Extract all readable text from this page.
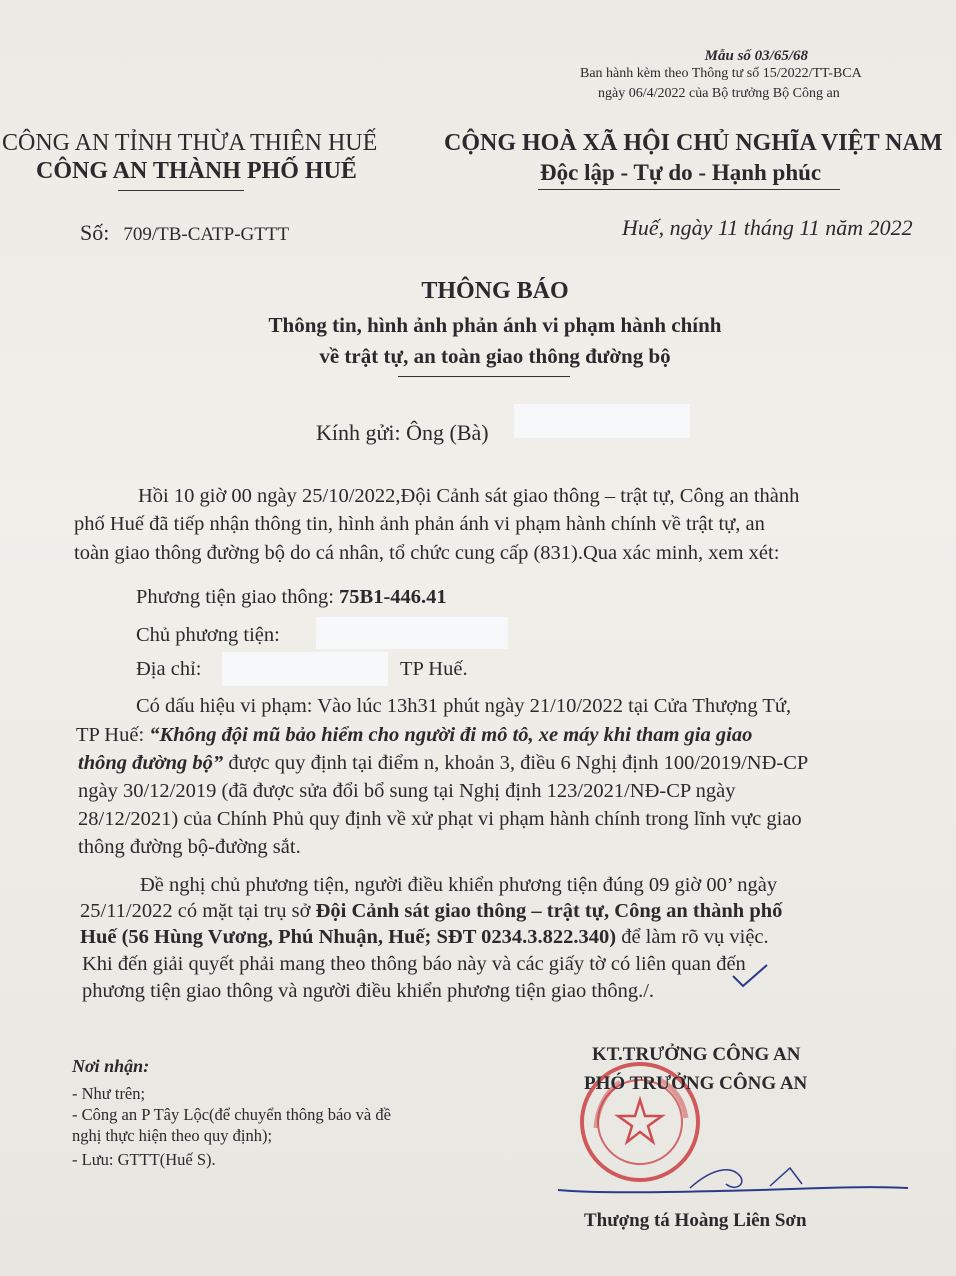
Mẫu số 03/65/68
Ban hành kèm theo Thông tư số 15/2022/TT-BCA
ngày 06/4/2022 của Bộ trưởng Bộ Công an
CÔNG AN TỈNH THỪA THIÊN HUẾ
CÔNG AN THÀNH PHỐ HUẾ
CỘNG HOÀ XÃ HỘI CHỦ NGHĨA VIỆT NAM
Độc lập - Tự do - Hạnh phúc
Số: 709/TB-CATP-GTTT	Huế, ngày 11 tháng 11 năm 2022
THÔNG BÁO
Thông tin, hình ảnh phản ánh vi phạm hành chính
về trật tự, an toàn giao thông đường bộ
Kính gửi: Ông (Bà)
Hồi 10 giờ 00 ngày 25/10/2022,Đội Cảnh sát giao thông – trật tự, Công an thành
phố Huế đã tiếp nhận thông tin, hình ảnh phản ánh vi phạm hành chính về trật tự, an
toàn giao thông đường bộ do cá nhân, tổ chức cung cấp (831).Qua xác minh, xem xét:
Phương tiện giao thông: 75B1-446.41
Chủ phương tiện:
Địa chỉ:	TP Huế.
Có dấu hiệu vi phạm: Vào lúc 13h31 phút ngày 21/10/2022 tại Cửa Thượng Tứ,
TP Huế: “Không đội mũ bảo hiểm cho người đi mô tô, xe máy khi tham gia giao
thông đường bộ” được quy định tại điểm n, khoản 3, điều 6 Nghị định 100/2019/NĐ-CP
ngày 30/12/2019 (đã được sửa đổi bổ sung tại Nghị định 123/2021/NĐ-CP ngày
28/12/2021) của Chính Phủ quy định về xử phạt vi phạm hành chính trong lĩnh vực giao
thông đường bộ-đường sắt.
Đề nghị chủ phương tiện, người điều khiển phương tiện đúng 09 giờ 00’ ngày
25/11/2022 có mặt tại trụ sở Đội Cảnh sát giao thông – trật tự, Công an thành phố
Huế (56 Hùng Vương, Phú Nhuận, Huế; SĐT 0234.3.822.340) để làm rõ vụ việc.
Khi đến giải quyết phải mang theo thông báo này và các giấy tờ có liên quan đến
phương tiện giao thông và người điều khiển phương tiện giao thông./.
Nơi nhận:
- Như trên;
- Công an P Tây Lộc(để chuyển thông báo và đề
nghị thực hiện theo quy định);
- Lưu: GTTT(Huế S).
KT.TRƯỞNG CÔNG AN
PHÓ TRƯỞNG CÔNG AN
Thượng tá Hoàng Liên Sơn
